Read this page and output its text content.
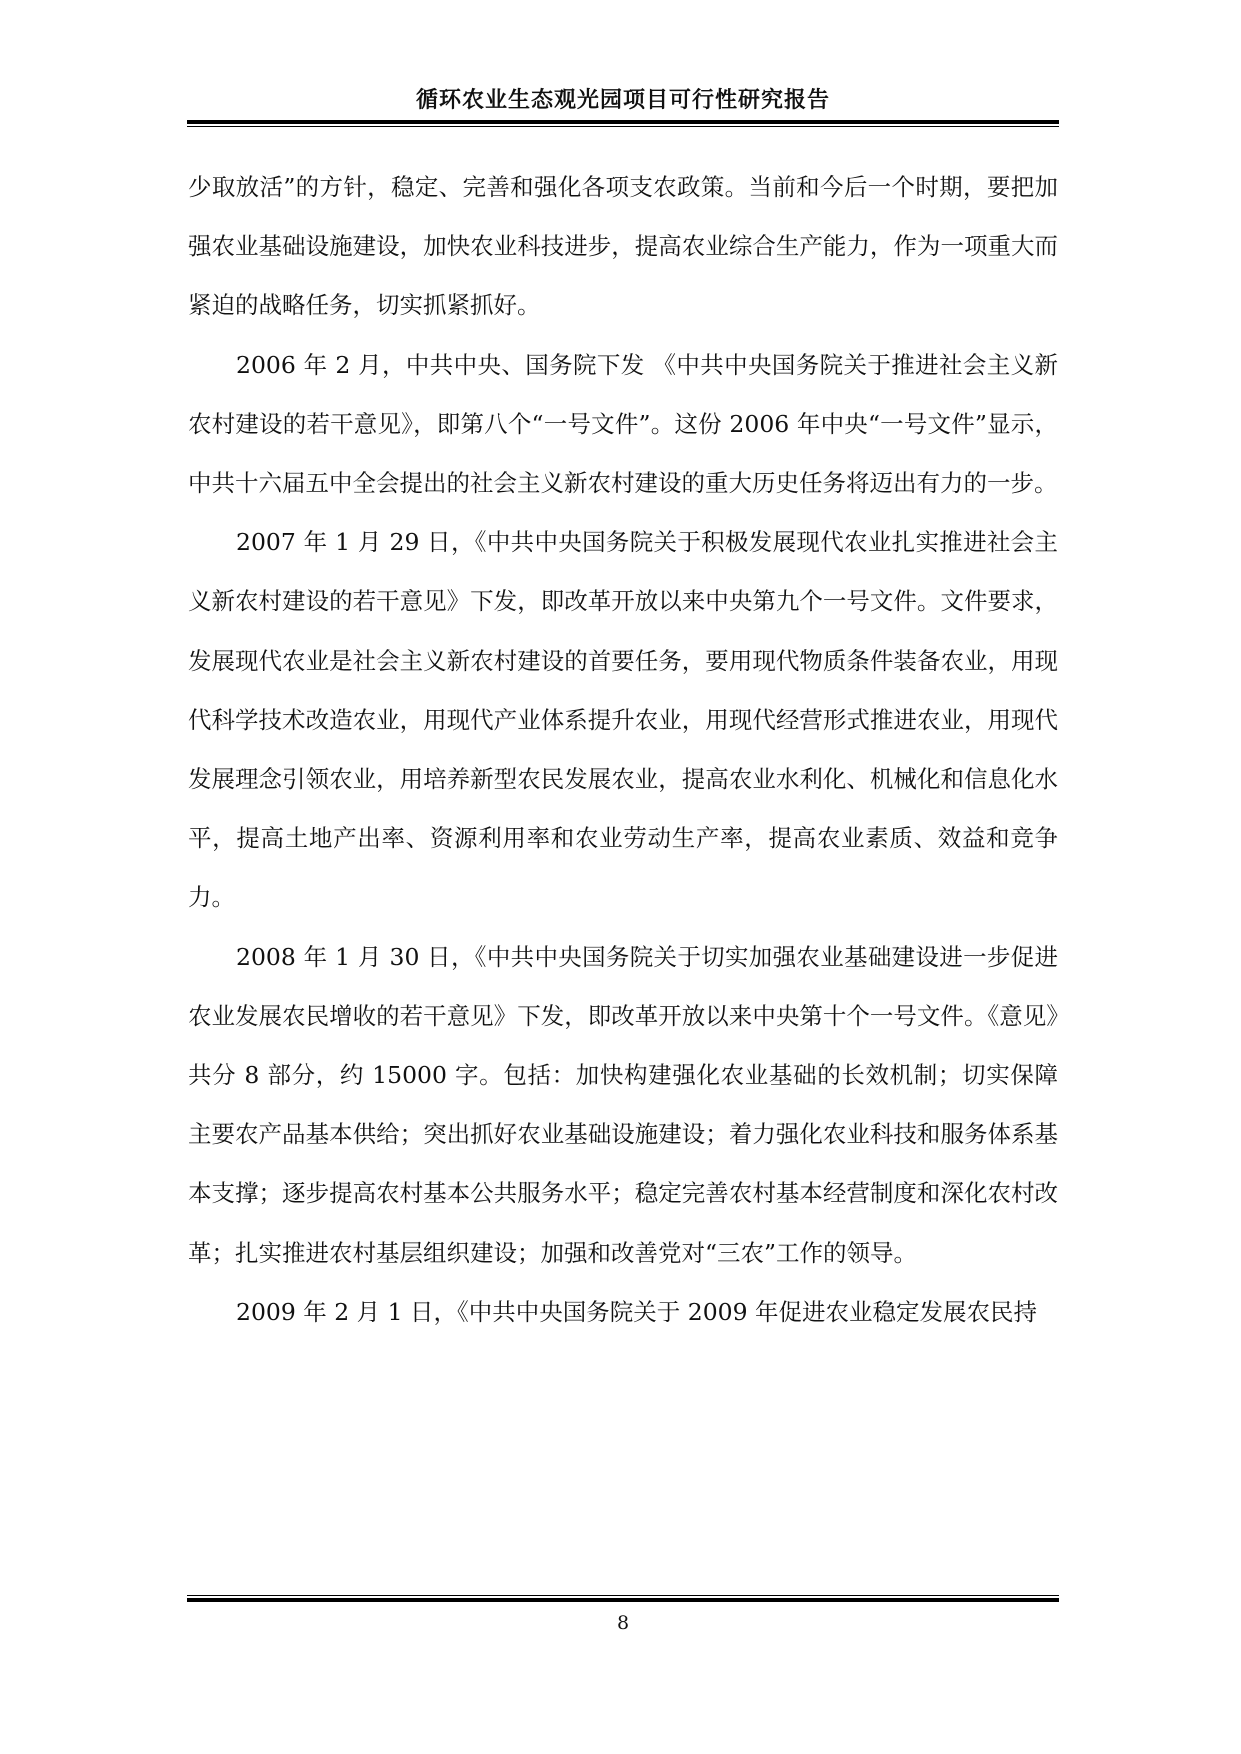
循环农业生态观光园项目可行性研究报告

少取放活”的方针，稳定、完善和强化各项支农政策。当前和今后一个时期，要把加强农业基础设施建设，加快农业科技进步，提高农业综合生产能力，作为一项重大而紧迫的战略任务，切实抓紧抓好。

2006 年 2 月，中共中央、国务院下发 《中共中央国务院关于推进社会主义新农村建设的若干意见》，即第八个“一号文件”。这份 2006 年中央“一号文件”显示，中共十六届五中全会提出的社会主义新农村建设的重大历史任务将迈出有力的一步。

2007 年 1 月 29 日，《中共中央国务院关于积极发展现代农业扎实推进社会主义新农村建设的若干意见》下发，即改革开放以来中央第九个一号文件。文件要求，发展现代农业是社会主义新农村建设的首要任务，要用现代物质条件装备农业，用现代科学技术改造农业，用现代产业体系提升农业，用现代经营形式推进农业，用现代发展理念引领农业，用培养新型农民发展农业，提高农业水利化、机械化和信息化水平，提高土地产出率、资源利用率和农业劳动生产率，提高农业素质、效益和竞争力。

2008 年 1 月 30 日，《中共中央国务院关于切实加强农业基础建设进一步促进农业发展农民增收的若干意见》下发，即改革开放以来中央第十个一号文件。《意见》共分 8 部分，约 15000 字。包括：加快构建强化农业基础的长效机制；切实保障主要农产品基本供给；突出抓好农业基础设施建设；着力强化农业科技和服务体系基本支撑；逐步提高农村基本公共服务水平；稳定完善农村基本经营制度和深化农村改革；扎实推进农村基层组织建设；加强和改善党对“三农”工作的领导。

2009 年 2 月 1 日，《中共中央国务院关于 2009 年促进农业稳定发展农民持

8
